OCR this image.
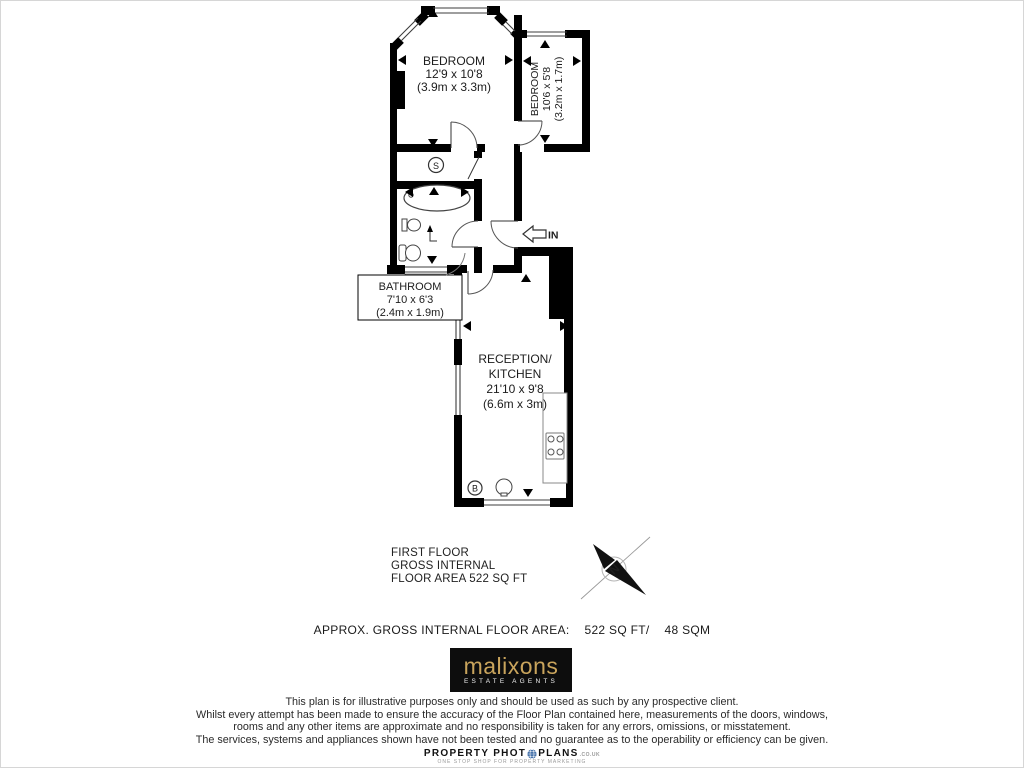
S
B
IN
BEDROOM
12'9 x 10'8
(3.9m x 3.3m)	BEDROOM 10'6 x 5'8 (3.2m x 1.7m)
BATHROOM
7'10 x 6'3
(2.4m x 1.9m)
RECEPTION/
KITCHEN
21'10 x 9'8
(6.6m x 3m)
N
FIRST FLOOR
GROSS INTERNAL
FLOOR AREA 522 SQ FT
APPROX. GROSS INTERNAL FLOOR AREA: 522 SQ FT/ 48 SQM
malixons
ESTATE AGENTS
This plan is for illustrative purposes only and should be used as such by any prospective client.
Whilst every attempt has been made to ensure the accuracy of the Floor Plan contained here, measurements of the doors, windows,
rooms and any other items are approximate and no responsibility is taken for any errors, omissions, or misstatement.
The services, systems and appliances shown have not been tested and no guarantee as to the operability or efficiency can be given.
PROPERTY PHOT PLANS .CO.UK
ONE STOP SHOP FOR PROPERTY MARKETING
